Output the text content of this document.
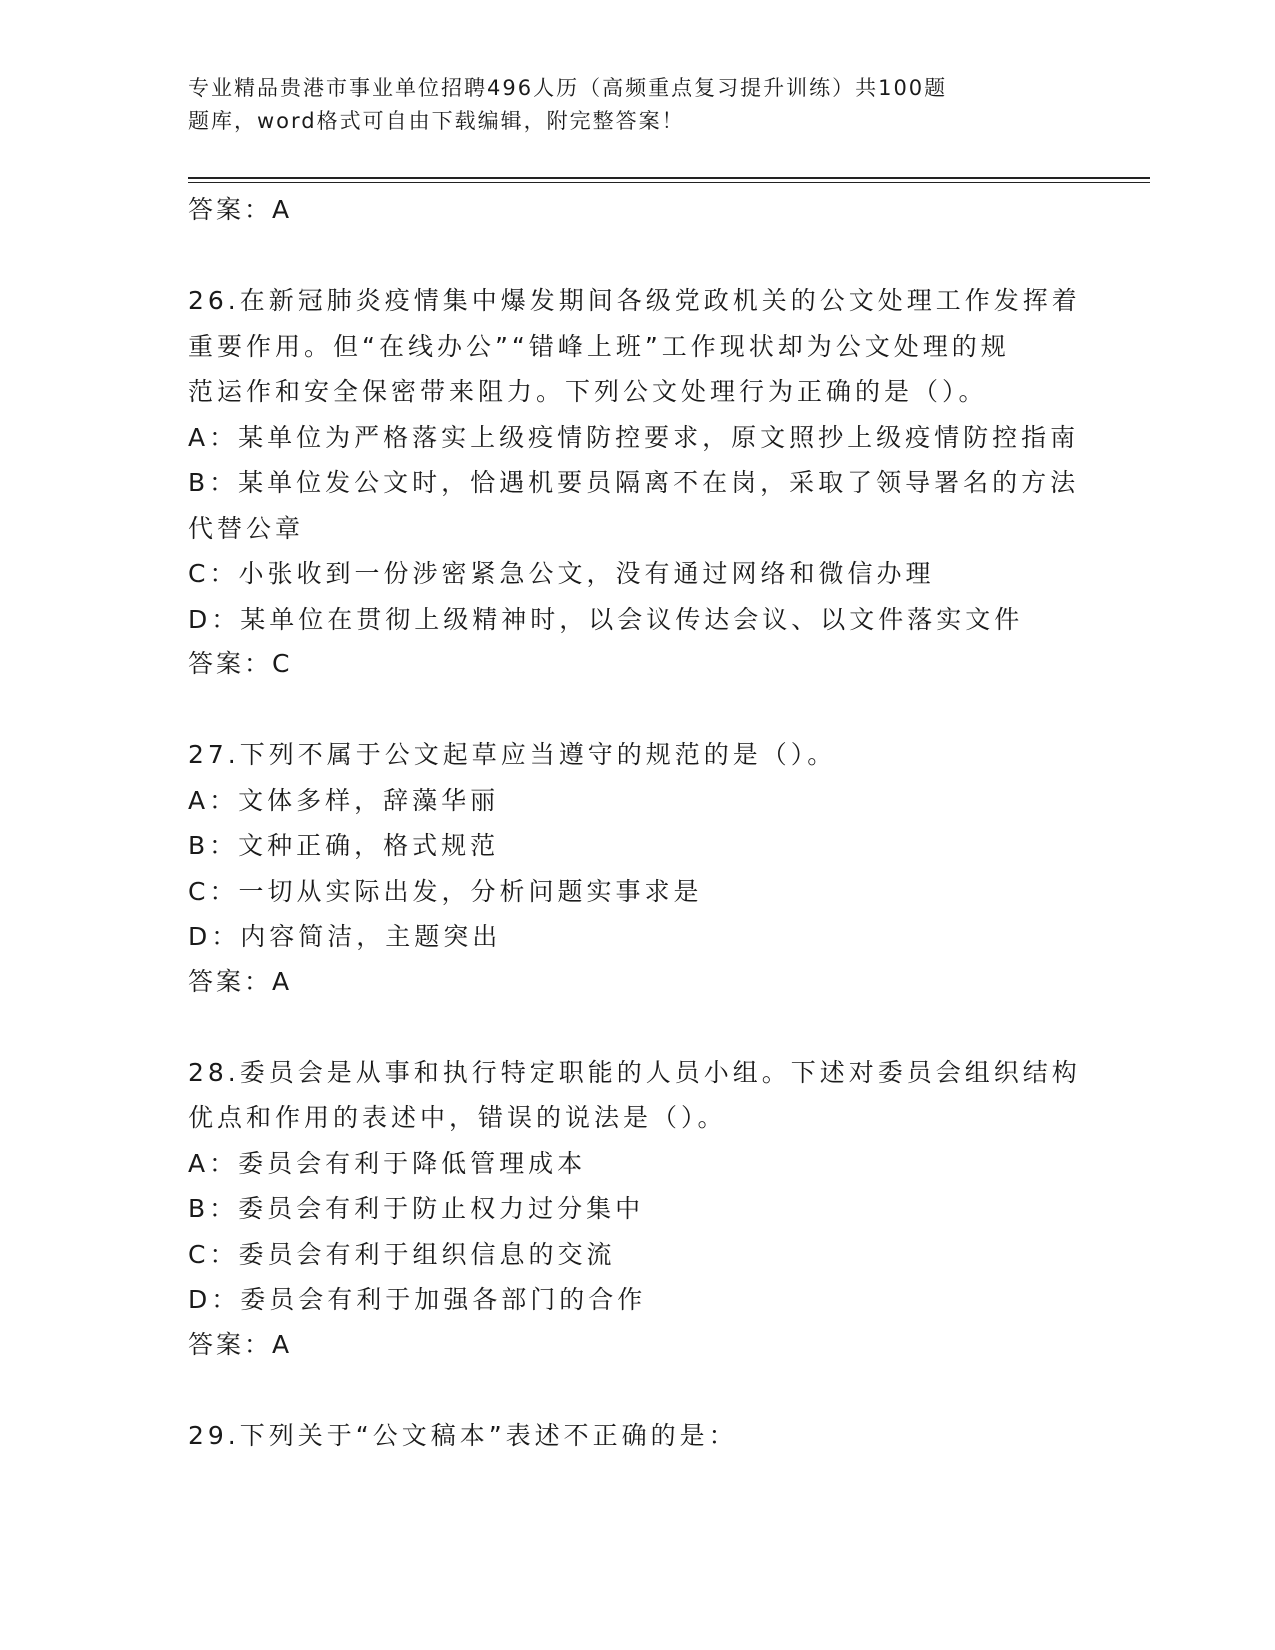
专业精品贵港市事业单位招聘496人历（高频重点复习提升训练）共100题
题库，word格式可自由下载编辑，附完整答案！
答案：A
26.在新冠肺炎疫情集中爆发期间各级党政机关的公文处理工作发挥着
重要作用。但“在线办公”“错峰上班”工作现状却为公文处理的规
范运作和安全保密带来阻力。下列公文处理行为正确的是（）。
A：某单位为严格落实上级疫情防控要求，原文照抄上级疫情防控指南
B：某单位发公文时，恰遇机要员隔离不在岗，采取了领导署名的方法
代替公章
C：小张收到一份涉密紧急公文，没有通过网络和微信办理
D：某单位在贯彻上级精神时，以会议传达会议、以文件落实文件
答案：C
27.下列不属于公文起草应当遵守的规范的是（）。
A：文体多样，辞藻华丽
B：文种正确，格式规范
C：一切从实际出发，分析问题实事求是
D：内容简洁，主题突出
答案：A
28.委员会是从事和执行特定职能的人员小组。下述对委员会组织结构
优点和作用的表述中，错误的说法是（）。
A：委员会有利于降低管理成本
B：委员会有利于防止权力过分集中
C：委员会有利于组织信息的交流
D：委员会有利于加强各部门的合作
答案：A
29.下列关于“公文稿本”表述不正确的是：
